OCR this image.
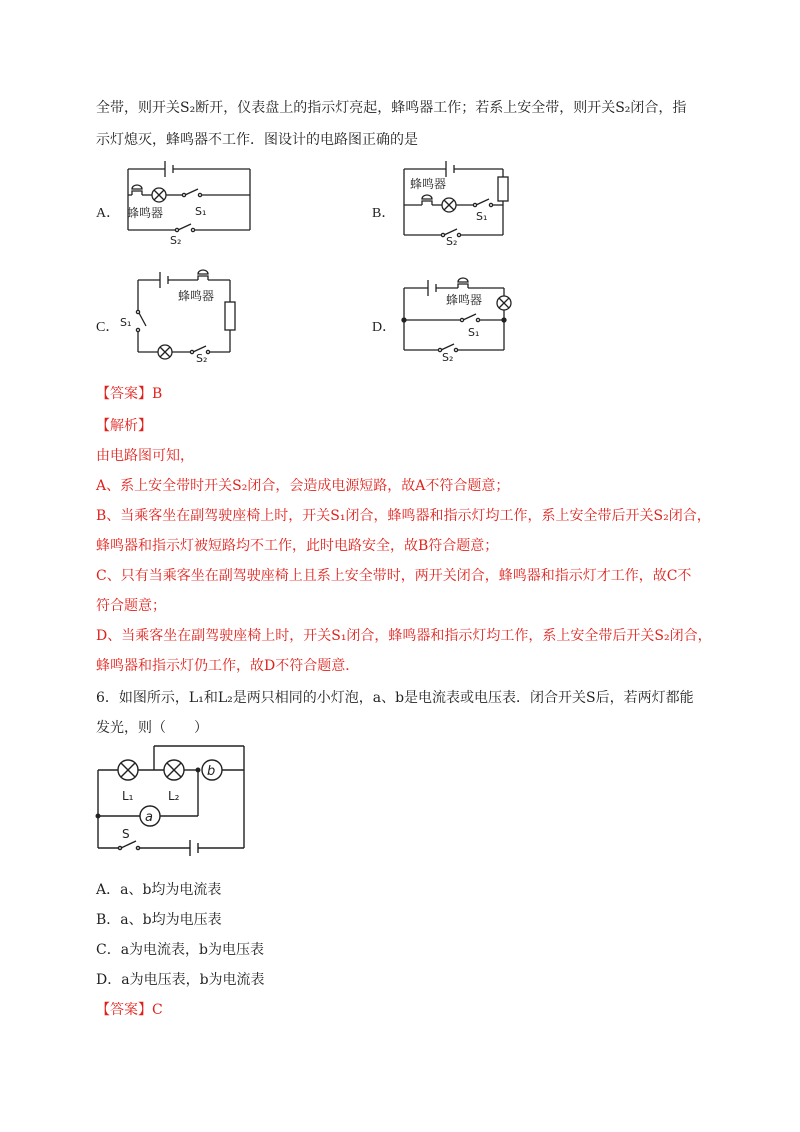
全带，则开关S₂断开，仪表盘上的指示灯亮起，蜂鸣器工作；若系上安全带，则开关S₂闭合，指
示灯熄灭，蜂鸣器不工作．图设计的电路图正确的是
A．	B．
C．	D．
蜂鸣器	S₁
S₂
蜂鸣器
S₁
S₂
蜂鸣器
S₁
S₂
蜂鸣器
S₁
S₂
【答案】B
【解析】
由电路图可知，
A、系上安全带时开关S₂闭合，会造成电源短路，故A不符合题意；
B、当乘客坐在副驾驶座椅上时，开关S₁闭合，蜂鸣器和指示灯均工作，系上安全带后开关S₂闭合，
蜂鸣器和指示灯被短路均不工作，此时电路安全，故B符合题意；
C、只有当乘客坐在副驾驶座椅上且系上安全带时，两开关闭合，蜂鸣器和指示灯才工作，故C不
符合题意；
D、当乘客坐在副驾驶座椅上时，开关S₁闭合，蜂鸣器和指示灯均工作，系上安全带后开关S₂闭合，
蜂鸣器和指示灯仍工作，故D不符合题意．
6．如图所示，L₁和L₂是两只相同的小灯泡，a、b是电流表或电压表．闭合开关S后，若两灯都能
发光，则（　　）
b
a
L₁	L₂
S
A．a、b均为电流表
B．a、b均为电压表
C．a为电流表，b为电压表
D．a为电压表，b为电流表
【答案】C
